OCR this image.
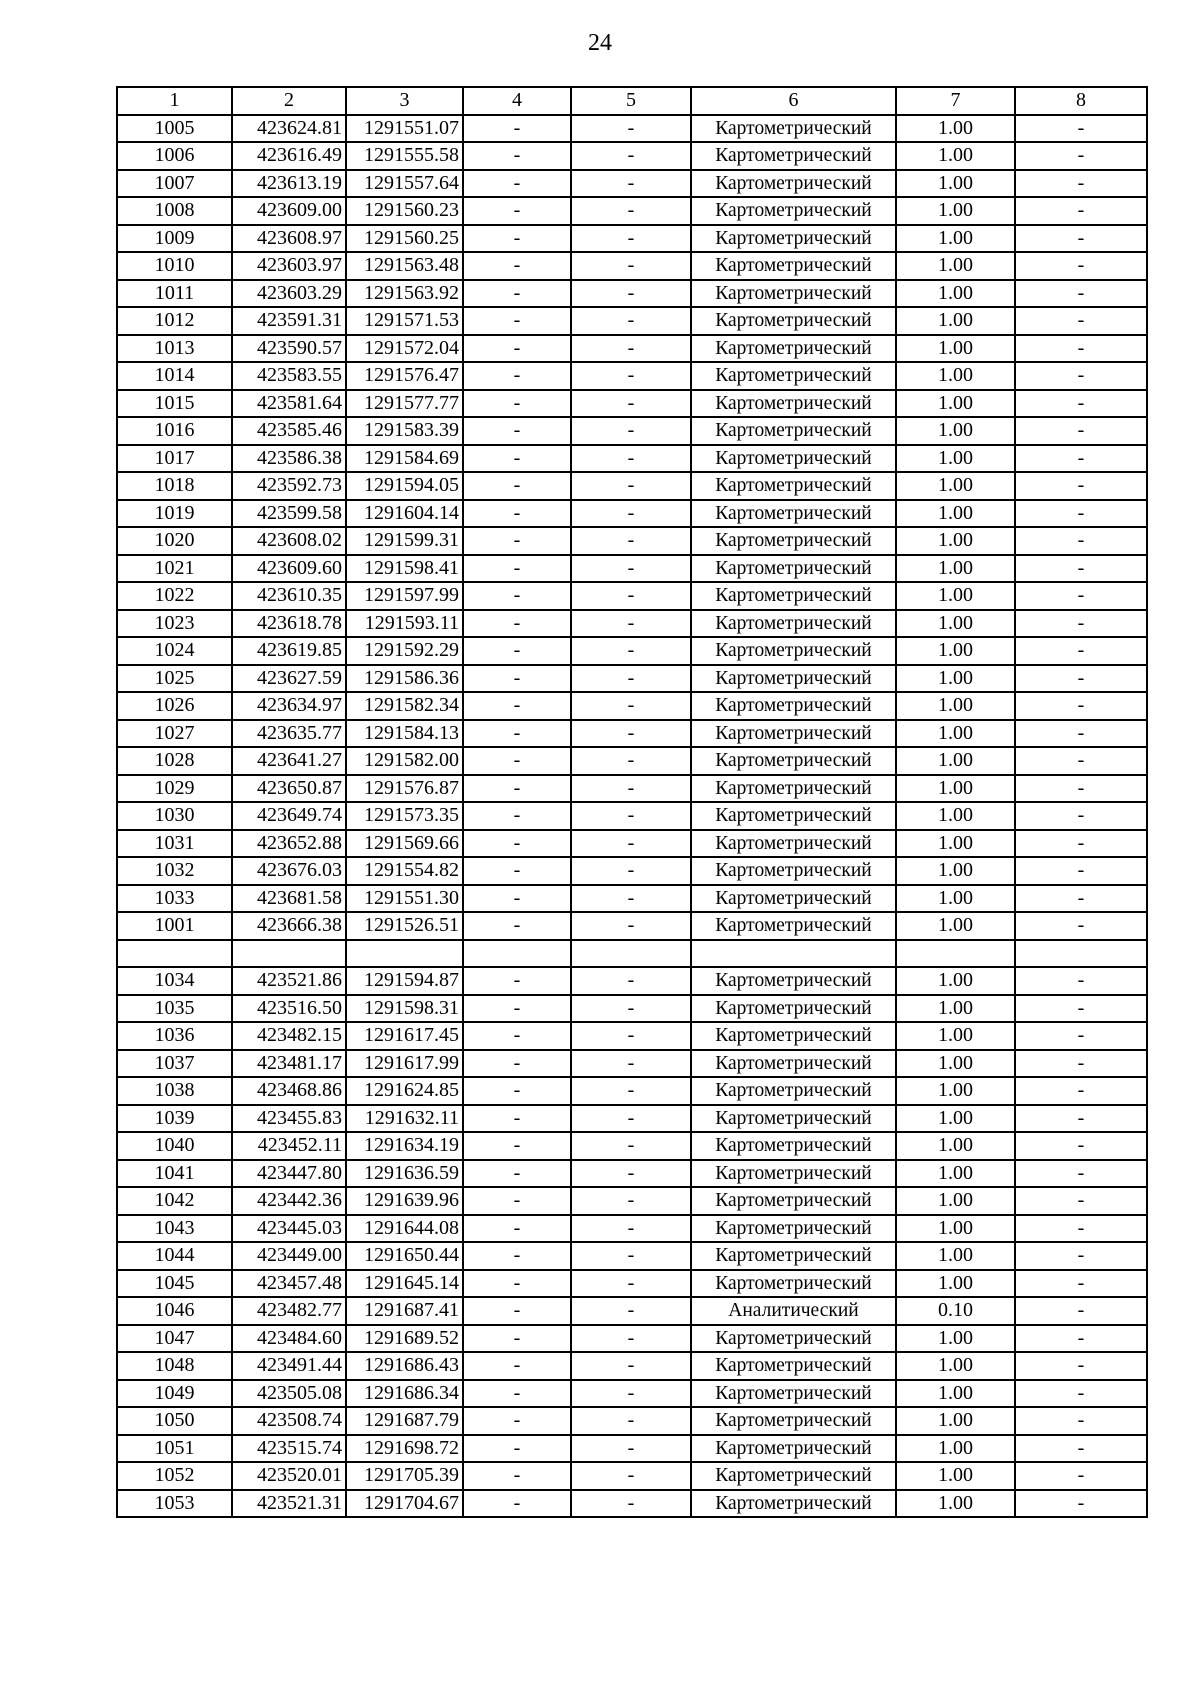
24
1	2	3	4	5	6	7	8
1005	423624.81	1291551.07	-	-	Картометрический	1.00	-
1006	423616.49	1291555.58	-	-	Картометрический	1.00	-
1007	423613.19	1291557.64	-	-	Картометрический	1.00	-
1008	423609.00	1291560.23	-	-	Картометрический	1.00	-
1009	423608.97	1291560.25	-	-	Картометрический	1.00	-
1010	423603.97	1291563.48	-	-	Картометрический	1.00	-
1011	423603.29	1291563.92	-	-	Картометрический	1.00	-
1012	423591.31	1291571.53	-	-	Картометрический	1.00	-
1013	423590.57	1291572.04	-	-	Картометрический	1.00	-
1014	423583.55	1291576.47	-	-	Картометрический	1.00	-
1015	423581.64	1291577.77	-	-	Картометрический	1.00	-
1016	423585.46	1291583.39	-	-	Картометрический	1.00	-
1017	423586.38	1291584.69	-	-	Картометрический	1.00	-
1018	423592.73	1291594.05	-	-	Картометрический	1.00	-
1019	423599.58	1291604.14	-	-	Картометрический	1.00	-
1020	423608.02	1291599.31	-	-	Картометрический	1.00	-
1021	423609.60	1291598.41	-	-	Картометрический	1.00	-
1022	423610.35	1291597.99	-	-	Картометрический	1.00	-
1023	423618.78	1291593.11	-	-	Картометрический	1.00	-
1024	423619.85	1291592.29	-	-	Картометрический	1.00	-
1025	423627.59	1291586.36	-	-	Картометрический	1.00	-
1026	423634.97	1291582.34	-	-	Картометрический	1.00	-
1027	423635.77	1291584.13	-	-	Картометрический	1.00	-
1028	423641.27	1291582.00	-	-	Картометрический	1.00	-
1029	423650.87	1291576.87	-	-	Картометрический	1.00	-
1030	423649.74	1291573.35	-	-	Картометрический	1.00	-
1031	423652.88	1291569.66	-	-	Картометрический	1.00	-
1032	423676.03	1291554.82	-	-	Картометрический	1.00	-
1033	423681.58	1291551.30	-	-	Картометрический	1.00	-
1001	423666.38	1291526.51	-	-	Картометрический	1.00	-

1034	423521.86	1291594.87	-	-	Картометрический	1.00	-
1035	423516.50	1291598.31	-	-	Картометрический	1.00	-
1036	423482.15	1291617.45	-	-	Картометрический	1.00	-
1037	423481.17	1291617.99	-	-	Картометрический	1.00	-
1038	423468.86	1291624.85	-	-	Картометрический	1.00	-
1039	423455.83	1291632.11	-	-	Картометрический	1.00	-
1040	423452.11	1291634.19	-	-	Картометрический	1.00	-
1041	423447.80	1291636.59	-	-	Картометрический	1.00	-
1042	423442.36	1291639.96	-	-	Картометрический	1.00	-
1043	423445.03	1291644.08	-	-	Картометрический	1.00	-
1044	423449.00	1291650.44	-	-	Картометрический	1.00	-
1045	423457.48	1291645.14	-	-	Картометрический	1.00	-
1046	423482.77	1291687.41	-	-	Аналитический	0.10	-
1047	423484.60	1291689.52	-	-	Картометрический	1.00	-
1048	423491.44	1291686.43	-	-	Картометрический	1.00	-
1049	423505.08	1291686.34	-	-	Картометрический	1.00	-
1050	423508.74	1291687.79	-	-	Картометрический	1.00	-
1051	423515.74	1291698.72	-	-	Картометрический	1.00	-
1052	423520.01	1291705.39	-	-	Картометрический	1.00	-
1053	423521.31	1291704.67	-	-	Картометрический	1.00	-
